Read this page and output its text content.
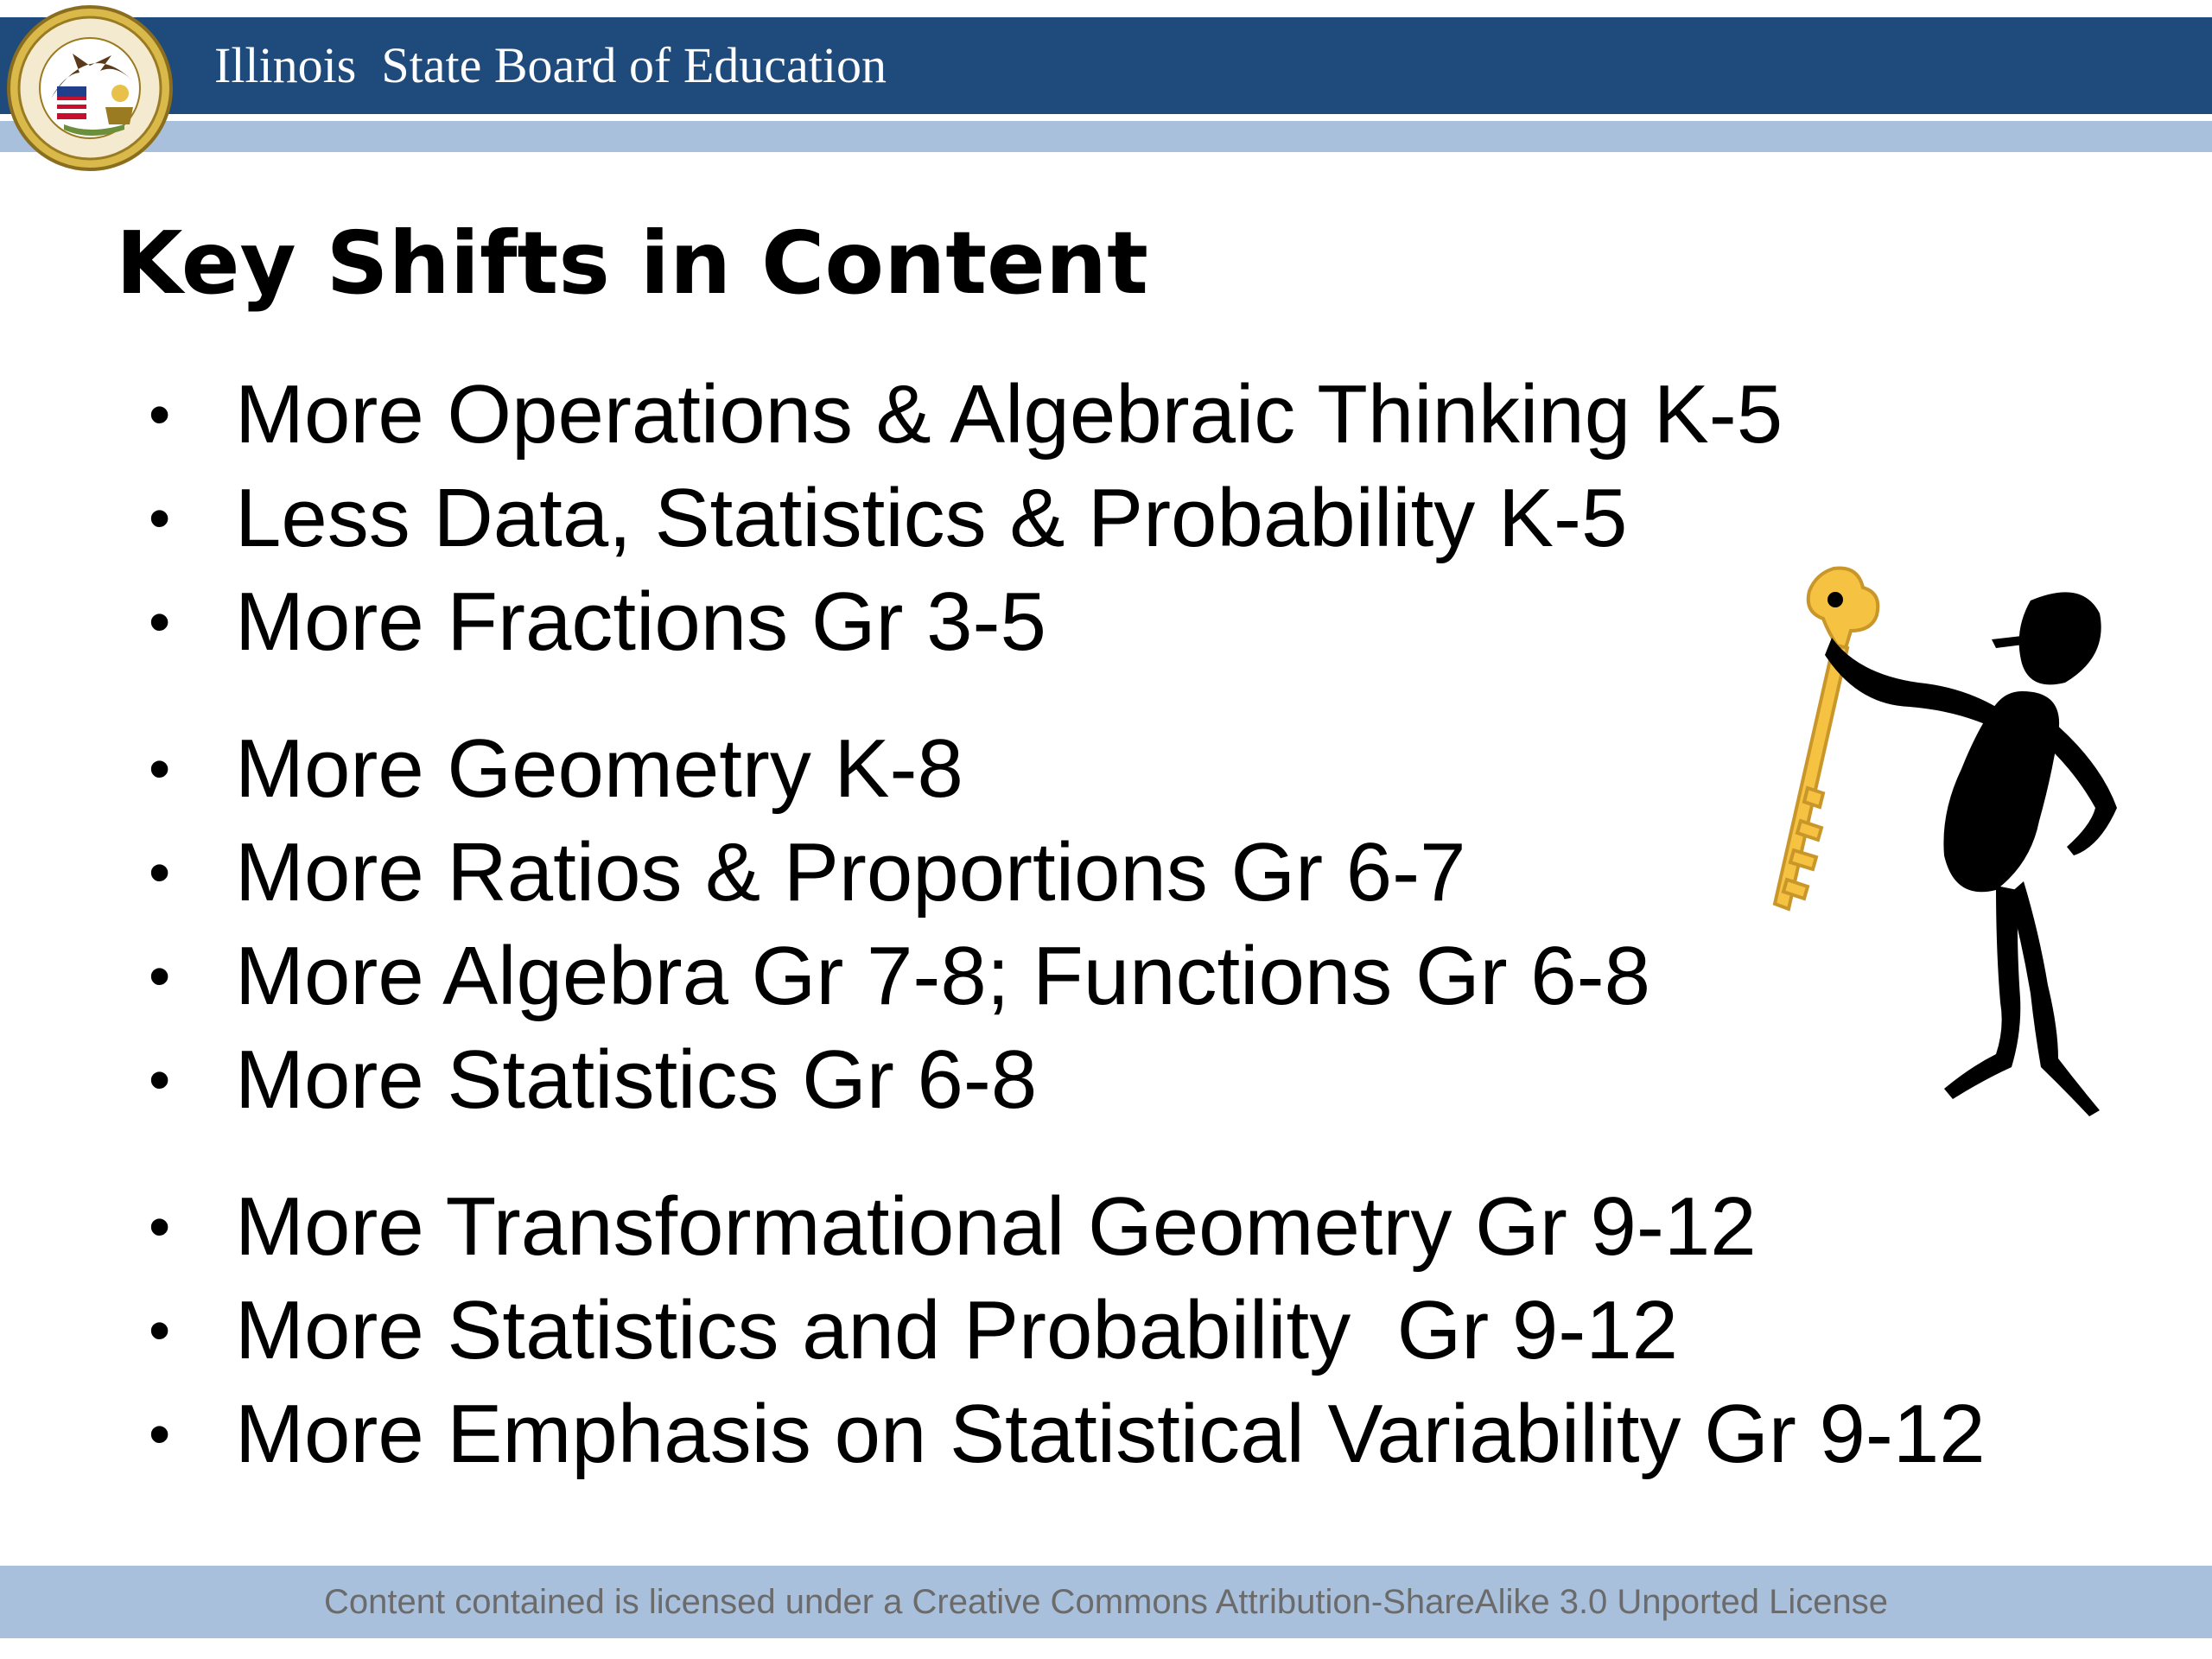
Illinois  State Board of Education
Key Shifts in Content
• More Operations & Algebraic Thinking K-5
• Less Data, Statistics & Probability K-5
• More Fractions Gr 3-5
• More Geometry K-8
• More Ratios & Proportions Gr 6-7
• More Algebra Gr 7-8; Functions Gr 6-8
• More Statistics Gr 6-8
• More Transformational Geometry Gr 9-12
• More Statistics and Probability  Gr 9-12
• More Emphasis on Statistical Variability Gr 9-12
Content contained is licensed under a Creative Commons Attribution-ShareAlike 3.0 Unported License
